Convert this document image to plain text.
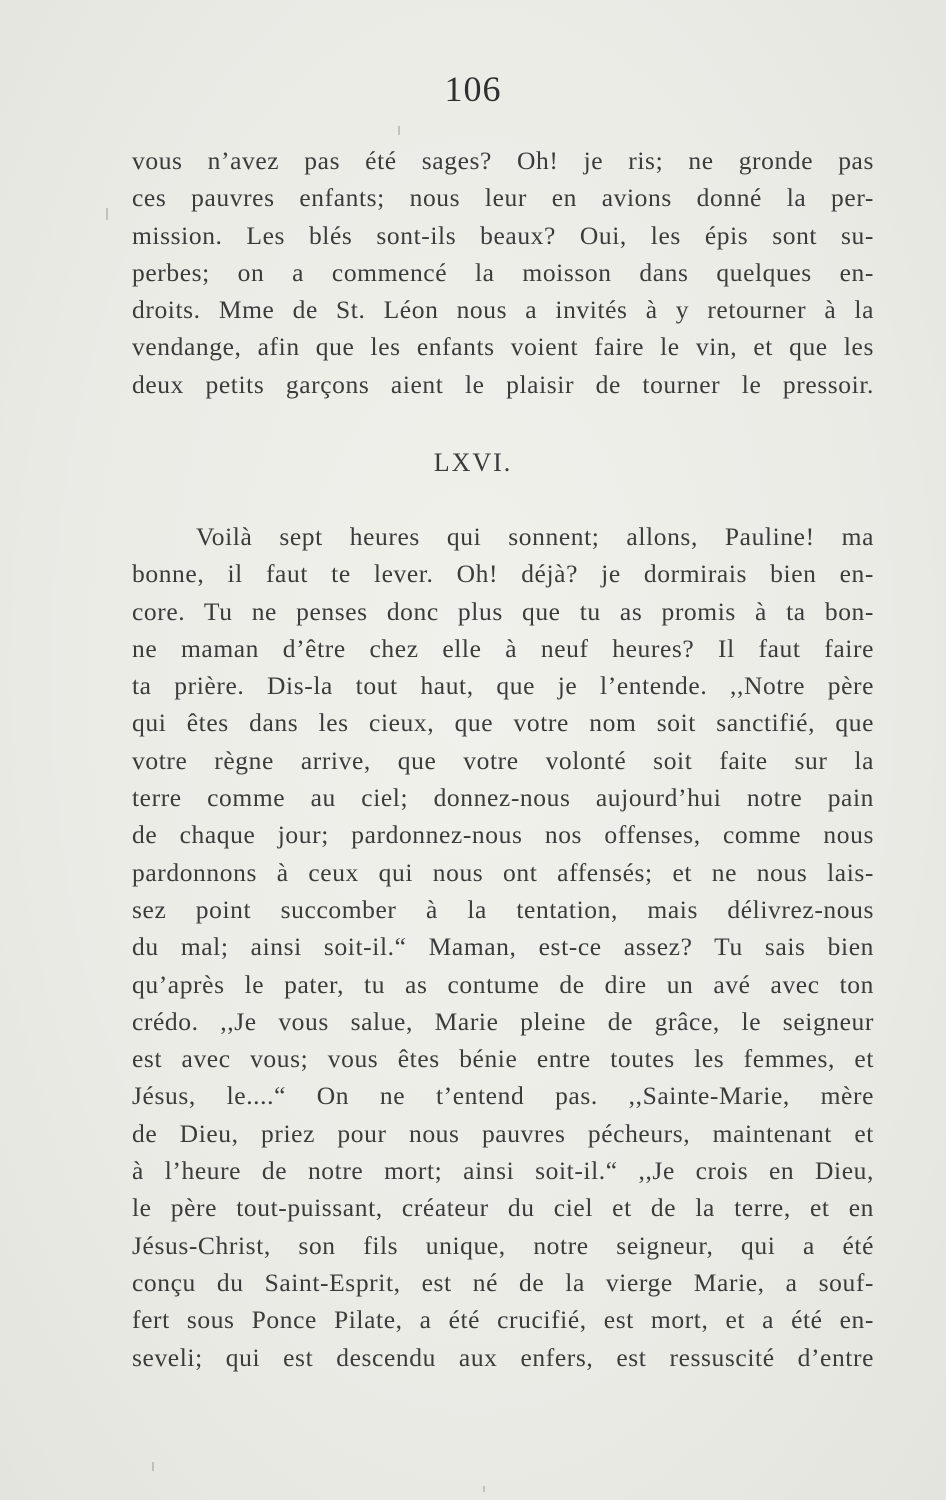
106
vous n’avez pas été sages? Oh! je ris; ne gronde pas
ces pauvres enfants; nous leur en avions donné la per-
mission. Les blés sont-ils beaux? Oui, les épis sont su-
perbes; on a commencé la moisson dans quelques en-
droits. Mme de St. Léon nous a invités à y retourner à la
vendange, afin que les enfants voient faire le vin, et que les
deux petits garçons aient le plaisir de tourner le pressoir.
LXVI.
Voilà sept heures qui sonnent; allons, Pauline! ma
bonne, il faut te lever. Oh! déjà? je dormirais bien en-
core. Tu ne penses donc plus que tu as promis à ta bon-
ne maman d’être chez elle à neuf heures? Il faut faire
ta prière. Dis-la tout haut, que je l’entende. ,,Notre père
qui êtes dans les cieux, que votre nom soit sanctifié, que
votre règne arrive, que votre volonté soit faite sur la
terre comme au ciel; donnez-nous aujourd’hui notre pain
de chaque jour; pardonnez-nous nos offenses, comme nous
pardonnons à ceux qui nous ont affensés; et ne nous lais-
sez point succomber à la tentation, mais délivrez-nous
du mal; ainsi soit-il.“ Maman, est-ce assez? Tu sais bien
qu’après le pater, tu as contume de dire un avé avec ton
crédo. ,,Je vous salue, Marie pleine de grâce, le seigneur
est avec vous; vous êtes bénie entre toutes les femmes, et
Jésus, le....“ On ne t’entend pas. ,,Sainte-Marie, mère
de Dieu, priez pour nous pauvres pécheurs, maintenant et
à l’heure de notre mort; ainsi soit-il.“ ,,Je crois en Dieu,
le père tout-puissant, créateur du ciel et de la terre, et en
Jésus-Christ, son fils unique, notre seigneur, qui a été
conçu du Saint-Esprit, est né de la vierge Marie, a souf-
fert sous Ponce Pilate, a été crucifié, est mort, et a été en-
seveli; qui est descendu aux enfers, est ressuscité d’entre
